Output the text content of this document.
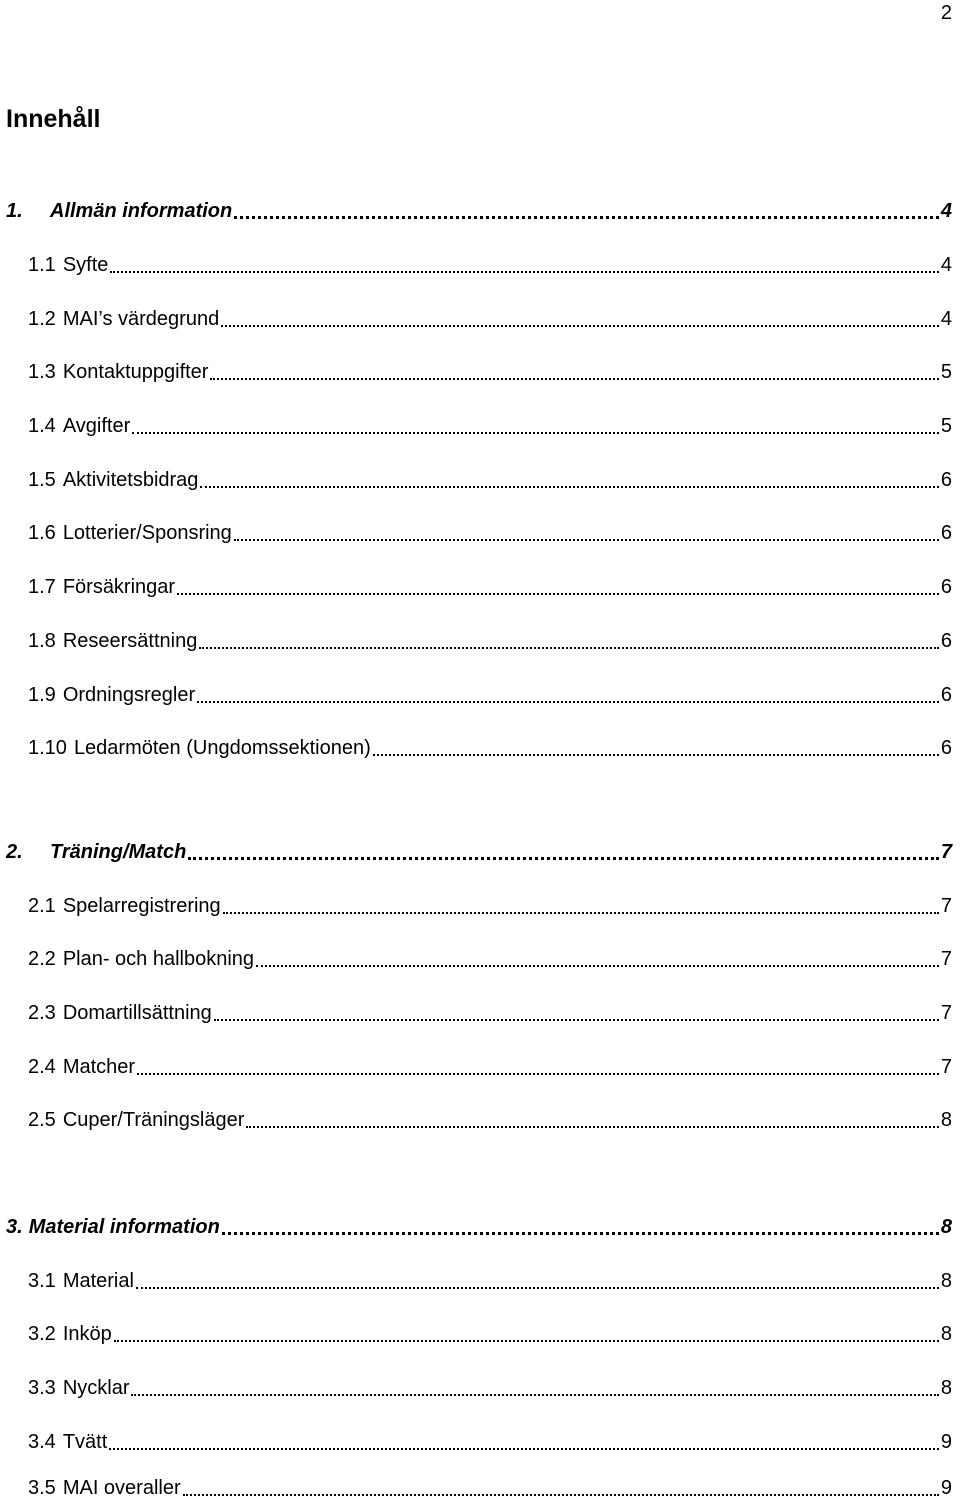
2
Innehåll
1.	Allmän information	4
1.1 Syfte	4
1.2 MAI’s värdegrund	4
1.3 Kontaktuppgifter	5
1.4 Avgifter	5
1.5 Aktivitetsbidrag	6
1.6 Lotterier/Sponsring	6
1.7 Försäkringar	6
1.8 Reseersättning	6
1.9 Ordningsregler	6
1.10 Ledarmöten (Ungdomssektionen)	6
2.	Träning/Match	7
2.1 Spelarregistrering	7
2.2 Plan- och hallbokning	7
2.3 Domartillsättning	7
2.4 Matcher	7
2.5 Cuper/Träningsläger	8
3. Material information	8
3.1 Material	8
3.2 Inköp	8
3.3 Nycklar	8
3.4 Tvätt	9
3.5 MAI overaller	9
